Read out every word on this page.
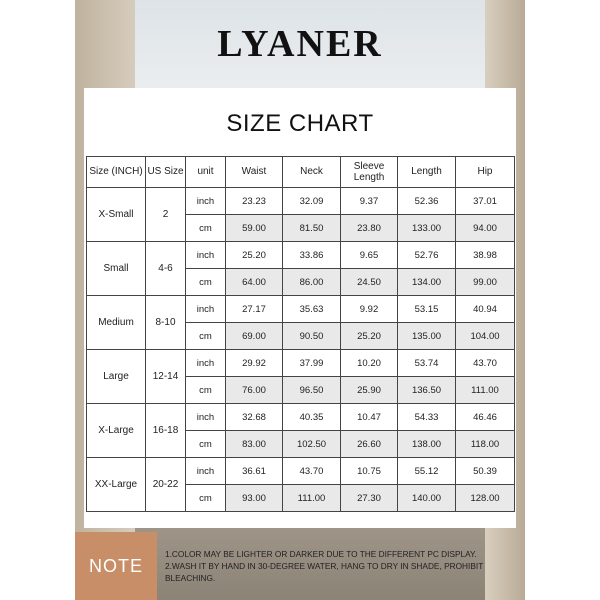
LYANER
SIZE CHART
Size (INCH)	US Size	unit	Waist	Neck	Sleeve Length	Length	Hip
X-Small	2	inch	23.23	32.09	9.37	52.36	37.01
		cm	59.00	81.50	23.80	133.00	94.00
Small	4-6	inch	25.20	33.86	9.65	52.76	38.98
		cm	64.00	86.00	24.50	134.00	99.00
Medium	8-10	inch	27.17	35.63	9.92	53.15	40.94
		cm	69.00	90.50	25.20	135.00	104.00
Large	12-14	inch	29.92	37.99	10.20	53.74	43.70
		cm	76.00	96.50	25.90	136.50	111.00
X-Large	16-18	inch	32.68	40.35	10.47	54.33	46.46
		cm	83.00	102.50	26.60	138.00	118.00
XX-Large	20-22	inch	36.61	43.70	10.75	55.12	50.39
		cm	93.00	111.00	27.30	140.00	128.00
NOTE
1.COLOR MAY BE LIGHTER OR DARKER DUE TO THE DIFFERENT PC DISPLAY.
2.WASH IT BY HAND IN 30-DEGREE WATER, HANG TO DRY IN SHADE, PROHIBIT BLEACHING.
